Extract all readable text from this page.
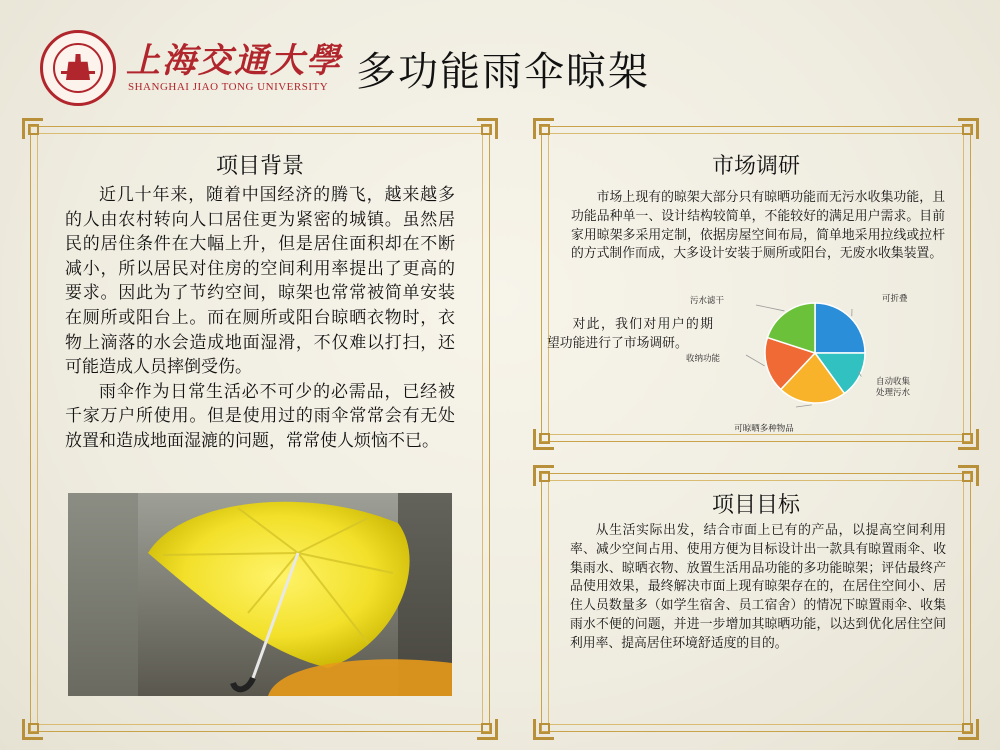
上海交通大學
SHANGHAI JIAO TONG UNIVERSITY 多功能雨伞晾架
项目背景

近几十年来，随着中国经济的腾飞，越来越多的人由农村转向人口居住更为紧密的城镇。虽然居民的居住条件在大幅上升，但是居住面积却在不断减小，所以居民对住房的空间利用率提出了更高的要求。因此为了节约空间，晾架也常常被简单安装在厕所或阳台上。而在厕所或阳台晾晒衣物时，衣物上滴落的水会造成地面湿滑，不仅难以打扫，还可能造成人员摔倒受伤。

雨伞作为日常生活必不可少的必需品，已经被千家万户所使用。但是使用过的雨伞常常会有无处放置和造成地面湿漉的问题，常常使人烦恼不已。

市场调研

市场上现有的晾架大部分只有晾晒功能而无污水收集功能，且功能品种单一、设计结构较简单，不能较好的满足用户需求。目前家用晾架多采用定制，依据房屋空间布局，简单地采用拉线或拉杆的方式制作而成，大多设计安装于厕所或阳台，无废水收集装置。

对此，我们对用户的期望功能进行了市场调研。

可折叠
自动收集处理污水
可晾晒多种物品
收纳功能
污水滤干
项目目标

从生活实际出发，结合市面上已有的产品，以提高空间利用率、减少空间占用、使用方便为目标设计出一款具有晾置雨伞、收集雨水、晾晒衣物、放置生活用品功能的多功能晾架；评估最终产品使用效果，最终解决市面上现有晾架存在的，在居住空间小、居住人员数量多（如学生宿舍、员工宿舍）的情况下晾置雨伞、收集雨水不便的问题，并进一步增加其晾晒功能，以达到优化居住空间利用率、提高居住环境舒适度的目的。
